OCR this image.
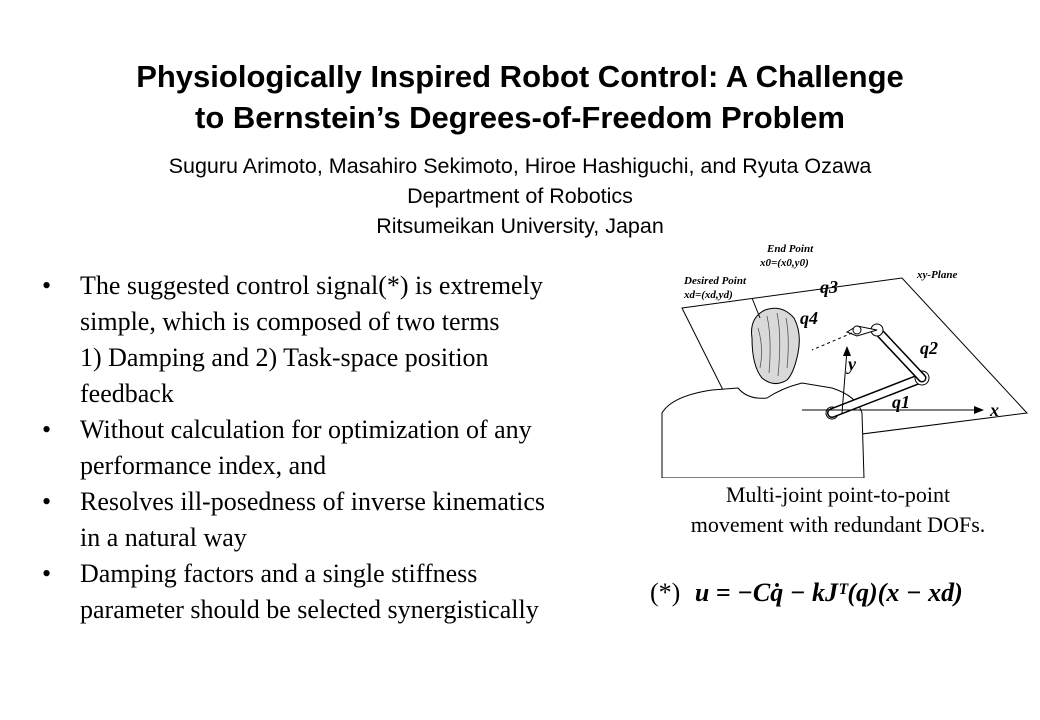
Physiologically Inspired Robot Control: A Challenge
to Bernstein’s Degrees-of-Freedom Problem
Suguru Arimoto, Masahiro Sekimoto, Hiroe Hashiguchi, and Ryuta Ozawa
Department of Robotics
Ritsumeikan University, Japan
• The suggested control signal(*) is extremely
simple, which is composed of two terms
1) Damping and 2) Task-space position
feedback
• Without calculation for optimization of any
performance index, and
• Resolves ill-posedness of inverse kinematics
in a natural way
• Damping factors and a single stiffness
parameter should be selected synergistically
End Point
x0=(x0,y0)
Desired Point
xd=(xd,yd)
xy-Plane
q3
q4
q2
q1
y
x
Multi-joint point-to-point
movement with redundant DOFs.
(*) u = −Cq̇ − kJᵀ(q)(x − xd)
